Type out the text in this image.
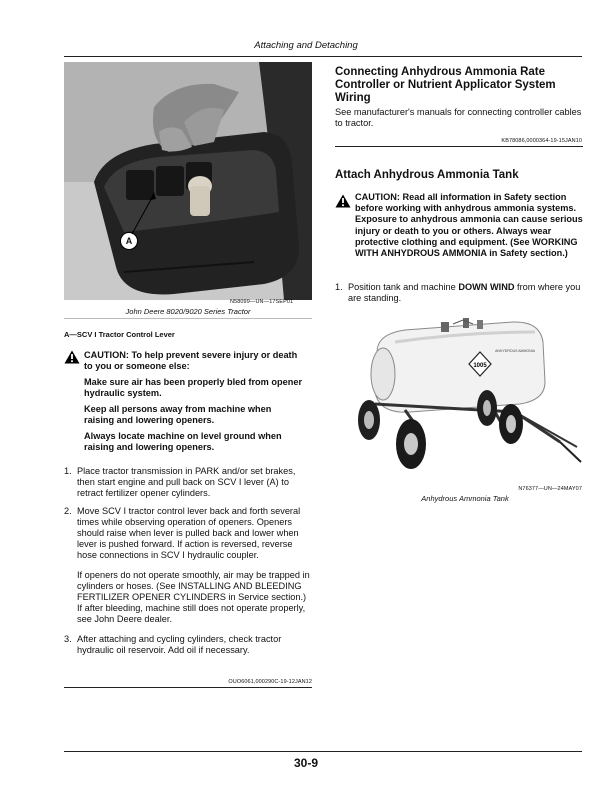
Attaching and Detaching
A
N58099—UN—17SEP01
John Deere 8020/9020 Series Tractor
A—SCV I Tractor Control Lever
CAUTION: To help prevent severe injury or death to you or someone else:
Make sure air has been properly bled from opener hydraulic system.
Keep all persons away from machine when raising and lowering openers.
Always locate machine on level ground when raising and lowering openers.
1. Place tractor transmission in PARK and/or set brakes, then start engine and pull back on SCV I lever (A) to retract fertilizer opener cylinders.
2. Move SCV I tractor control lever back and forth several times while observing operation of openers. Openers should raise when lever is pulled back and lower when lever is pushed forward. If action is reversed, reverse hose connections in SCV I hydraulic coupler.
If openers do not operate smoothly, air may be trapped in cylinders or hoses. (See INSTALLING AND BLEEDING FERTILIZER OPENER CYLINDERS in Service section.) If after bleeding, machine still does not operate properly, see John Deere dealer.
3. After attaching and cycling cylinders, check tractor hydraulic oil reservoir. Add oil if necessary.
OUO6061,000290C-19-12JAN12
Connecting Anhydrous Ammonia Rate Controller or Nutrient Applicator System Wiring
See manufacturer's manuals for connecting controller cables to tractor.
KB78086,0000364-19-15JAN10
Attach Anhydrous Ammonia Tank
CAUTION: Read all information in Safety section before working with anhydrous ammonia systems. Exposure to anhydrous ammonia can cause serious injury or death to you or others. Always wear protective clothing and equipment. (See WORKING WITH ANHYDROUS AMMONIA in Safety section.)
1. Position tank and machine DOWN WIND from where you are standing.
1005
ANHYDROUS AMMONIA
N76377—UN—24MAY07
Anhydrous Ammonia Tank
30-9
